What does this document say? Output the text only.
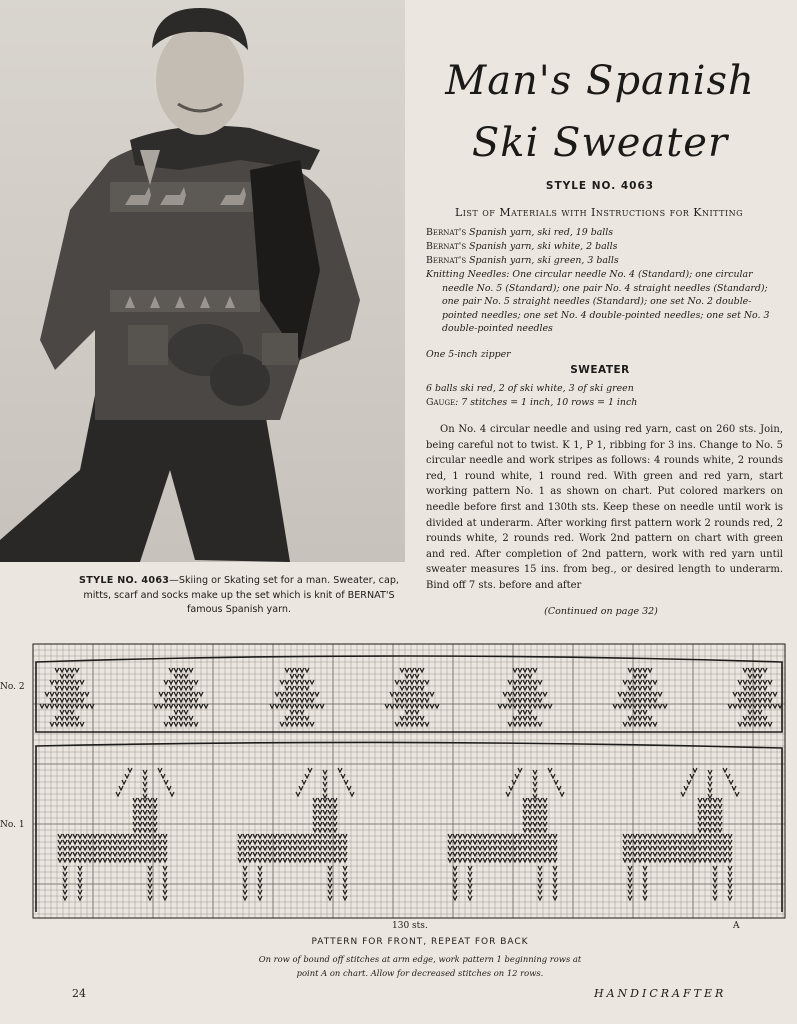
STYLE NO. 4063—Skiing or Skating set for a man. Sweater, cap, mitts, scarf and socks make up the set which is knit of BERNAT'S famous Spanish yarn.
Man's Spanish
Ski Sweater
STYLE NO. 4063
List of Materials with Instructions for Knitting
Bernat's Spanish yarn, ski red, 19 balls
Bernat's Spanish yarn, ski white, 2 balls
Bernat's Spanish yarn, ski green, 3 balls
Knitting Needles: One circular needle No. 4 (Standard); one circular needle No. 5 (Standard); one pair No. 4 straight needles (Standard); one pair No. 5 straight needles (Standard); one set No. 2 double-pointed needles; one set No. 4 double-pointed needles; one set No. 3 double-pointed needles
One 5-inch zipper
SWEATER
6 balls ski red, 2 of ski white, 3 of ski green
Gauge: 7 stitches = 1 inch, 10 rows = 1 inch
On No. 4 circular needle and using red yarn, cast on 260 sts. Join, being careful not to twist. K 1, P 1, ribbing for 3 ins. Change to No. 5 circular needle and work stripes as follows: 4 rounds white, 2 rounds red, 1 round white, 1 round red. With green and red yarn, start working pattern No. 1 as shown on chart. Put colored markers on needle before first and 130th sts. Keep these on needle until work is divided at underarm. After working first pattern work 2 rounds red, 2 rounds white, 2 rounds red. Work 2nd pattern on chart with green and red. After completion of 2nd pattern, work with red yarn until sweater measures 15 ins. from beg., or desired length to underarm. Bind off 7 sts. before and after
(Continued on page 32)
No. 2
No. 1
130 sts.	A
PATTERN FOR FRONT, REPEAT FOR BACK
On row of bound off stitches at arm edge, work pattern 1 beginning rows at point A on chart. Allow for decreased stitches on 12 rows.
24	HANDICRAFTER
